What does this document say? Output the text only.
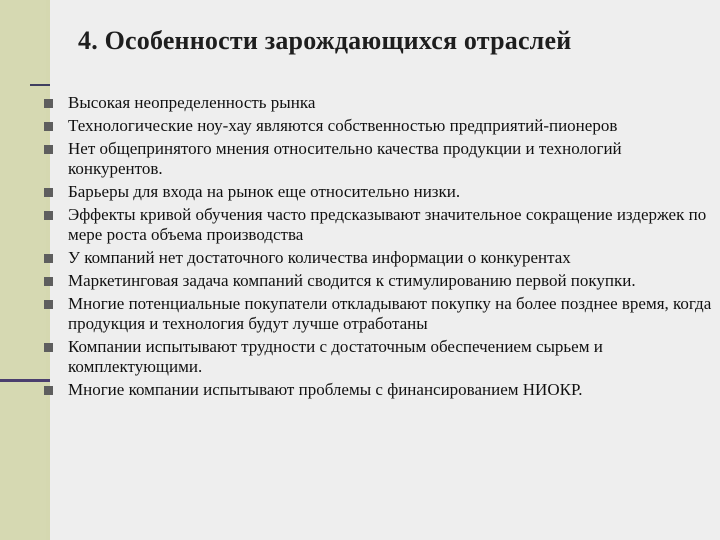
4. Особенности зарождающихся отраслей
Высокая неопределенность рынка
Технологические ноу-хау являются собственностью предприятий-пионеров
Нет общепринятого мнения относительно качества продукции и технологий конкурентов.
Барьеры для входа на рынок еще относительно низки.
Эффекты кривой обучения часто предсказывают значительное сокращение издержек по мере роста объема производства
У компаний нет достаточного количества информации о конкурентах
Маркетинговая задача компаний сводится к стимулированию первой покупки.
Многие потенциальные покупатели откладывают покупку на более позднее время, когда продукция и технология будут лучше отработаны
Компании испытывают трудности с достаточным обеспечением сырьем и комплектующими.
Многие компании испытывают проблемы с финансированием НИОКР.
